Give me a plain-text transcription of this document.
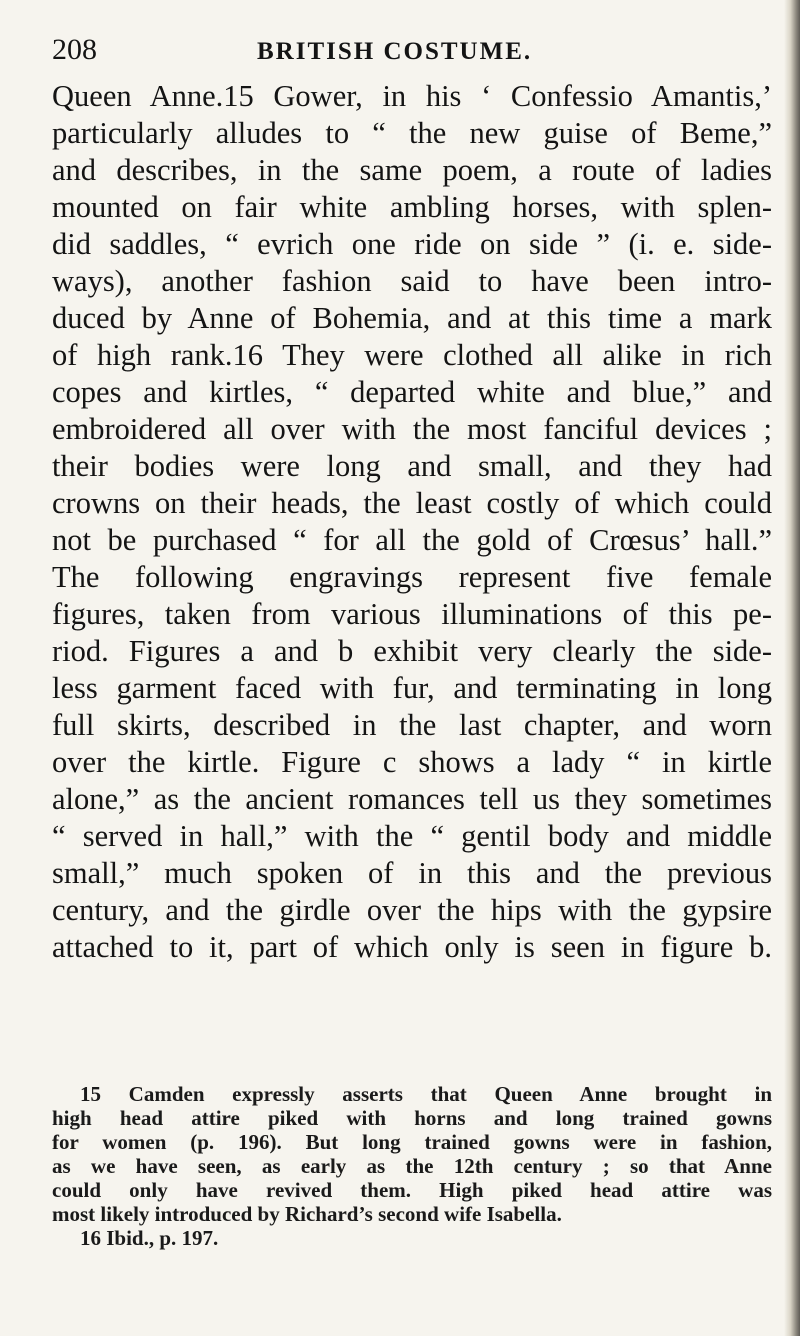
208	BRITISH COSTUME.
Queen Anne.15 Gower, in his ‘ Confessio Amantis,’
particularly alludes to “ the new guise of Beme,”
and describes, in the same poem, a route of ladies
mounted on fair white ambling horses, with splen-
did saddles, “ evrich one ride on side ” (i. e. side-
ways), another fashion said to have been intro-
duced by Anne of Bohemia, and at this time a mark
of high rank.16 They were clothed all alike in rich
copes and kirtles, “ departed white and blue,” and
embroidered all over with the most fanciful devices ;
their bodies were long and small, and they had
crowns on their heads, the least costly of which could
not be purchased “ for all the gold of Crœsus’ hall.”
The following engravings represent five female
figures, taken from various illuminations of this pe-
riod. Figures a and b exhibit very clearly the side-
less garment faced with fur, and terminating in long
full skirts, described in the last chapter, and worn
over the kirtle. Figure c shows a lady “ in kirtle
alone,” as the ancient romances tell us they sometimes
“ served in hall,” with the “ gentil body and middle
small,” much spoken of in this and the previous
century, and the girdle over the hips with the gypsire
attached to it, part of which only is seen in figure b.
15 Camden expressly asserts that Queen Anne brought in
high head attire piked with horns and long trained gowns
for women (p. 196). But long trained gowns were in fashion,
as we have seen, as early as the 12th century ; so that Anne
could only have revived them. High piked head attire was
most likely introduced by Richard’s second wife Isabella.
16 Ibid., p. 197.
